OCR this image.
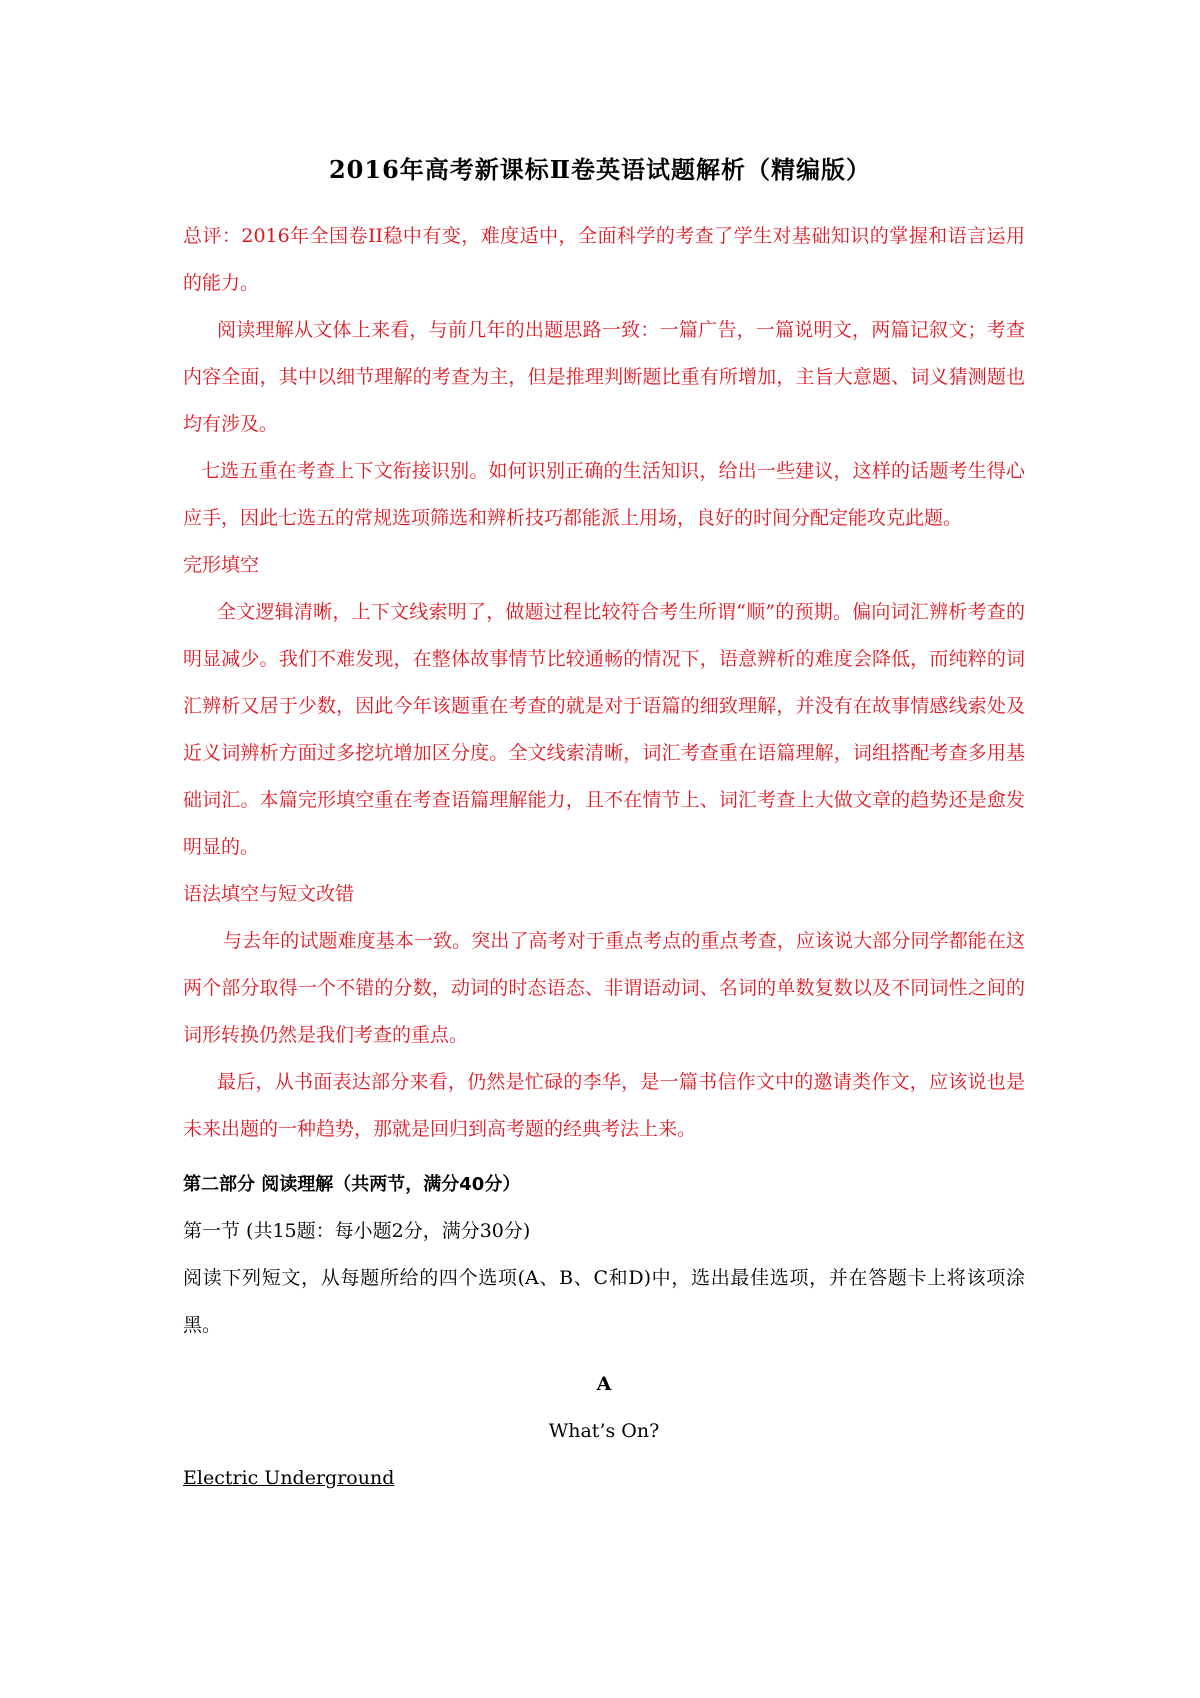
2016年高考新课标Ⅱ卷英语试题解析（精编版）

总评：2016年全国卷II稳中有变，难度适中，全面科学的考查了学生对基础知识的掌握和语言运用的能力。

阅读理解从文体上来看，与前几年的出题思路一致：一篇广告，一篇说明文，两篇记叙文；考查内容全面，其中以细节理解的考查为主，但是推理判断题比重有所增加，主旨大意题、词义猜测题也均有涉及。

七选五重在考查上下文衔接识别。如何识别正确的生活知识，给出一些建议，这样的话题考生得心应手，因此七选五的常规选项筛选和辨析技巧都能派上用场，良好的时间分配定能攻克此题。

完形填空

全文逻辑清晰，上下文线索明了，做题过程比较符合考生所谓“顺”的预期。偏向词汇辨析考查的明显减少。我们不难发现，在整体故事情节比较通畅的情况下，语意辨析的难度会降低，而纯粹的词汇辨析又居于少数，因此今年该题重在考查的就是对于语篇的细致理解，并没有在故事情感线索处及近义词辨析方面过多挖坑增加区分度。全文线索清晰，词汇考查重在语篇理解，词组搭配考查多用基础词汇。本篇完形填空重在考查语篇理解能力，且不在情节上、词汇考查上大做文章的趋势还是愈发明显的。

语法填空与短文改错

与去年的试题难度基本一致。突出了高考对于重点考点的重点考查，应该说大部分同学都能在这两个部分取得一个不错的分数，动词的时态语态、非谓语动词、名词的单数复数以及不同词性之间的词形转换仍然是我们考查的重点。

最后，从书面表达部分来看，仍然是忙碌的李华，是一篇书信作文中的邀请类作文，应该说也是未来出题的一种趋势，那就是回归到高考题的经典考法上来。

第二部分 阅读理解（共两节，满分40分）

第一节 (共15题：每小题2分，满分30分)

阅读下列短文，从每题所给的四个选项(A、B、C和D)中，选出最佳选项，并在答题卡上将该项涂黑。

A

What’s On?

Electric Underground
